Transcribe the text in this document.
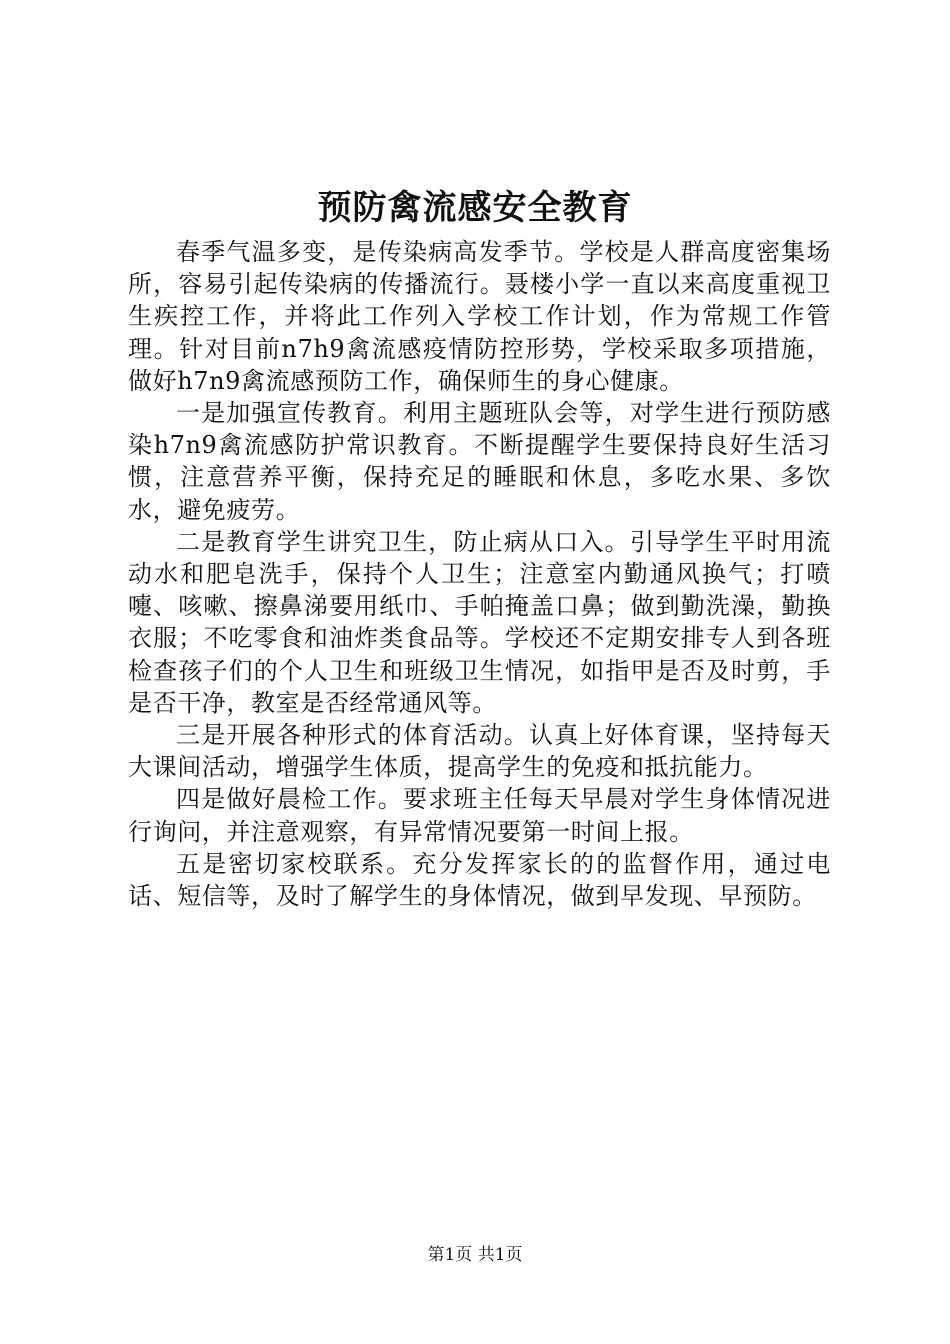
预防禽流感安全教育

春季气温多变，是传染病高发季节。学校是人群高度密集场所，容易引起传染病的传播流行。聂楼小学一直以来高度重视卫生疾控工作，并将此工作列入学校工作计划，作为常规工作管理。针对目前n7h9禽流感疫情防控形势，学校采取多项措施，做好h7n9禽流感预防工作，确保师生的身心健康。

一是加强宣传教育。利用主题班队会等，对学生进行预防感染h7n9禽流感防护常识教育。不断提醒学生要保持良好生活习惯，注意营养平衡，保持充足的睡眠和休息，多吃水果、多饮水，避免疲劳。

二是教育学生讲究卫生，防止病从口入。引导学生平时用流动水和肥皂洗手，保持个人卫生；注意室内勤通风换气；打喷嚏、咳嗽、擦鼻涕要用纸巾、手帕掩盖口鼻；做到勤洗澡，勤换衣服；不吃零食和油炸类食品等。学校还不定期安排专人到各班检查孩子们的个人卫生和班级卫生情况，如指甲是否及时剪，手是否干净，教室是否经常通风等。

三是开展各种形式的体育活动。认真上好体育课，坚持每天大课间活动，增强学生体质，提高学生的免疫和抵抗能力。

四是做好晨检工作。要求班主任每天早晨对学生身体情况进行询问，并注意观察，有异常情况要第一时间上报。

五是密切家校联系。充分发挥家长的的监督作用，通过电话、短信等，及时了解学生的身体情况，做到早发现、早预防。

第1页 共1页
